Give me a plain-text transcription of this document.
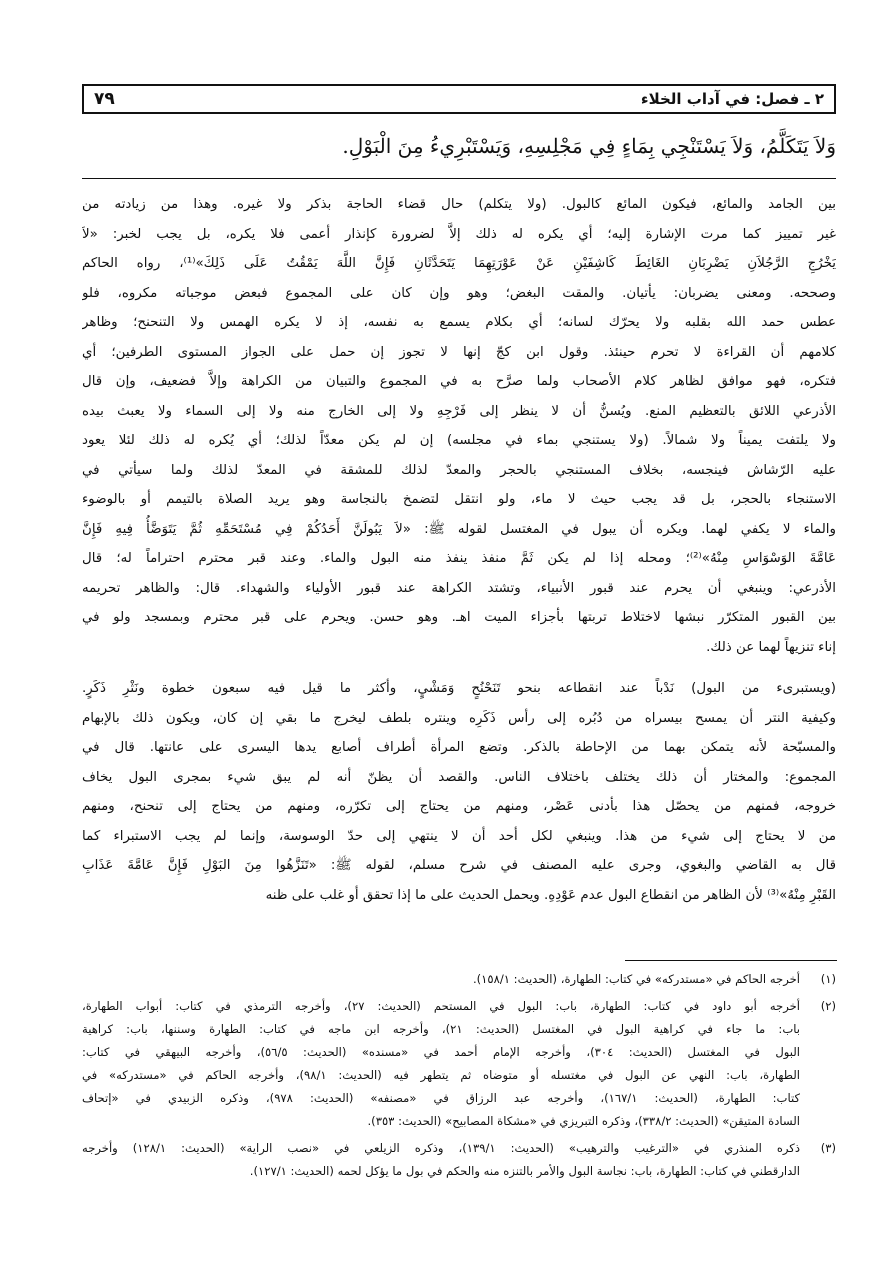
٢ ـ فصل: في آداب الخلاء
٧٩
وَلاَ يَتَكَلَّمُ، وَلاَ يَسْتَنْجِي بِمَاءٍ فِي مَجْلِسِهِ، وَيَسْتَبْرِيءُ مِنَ الْبَوْلِ.

بين الجامد والمائع، فيكون المائع كالبول. (ولا يتكلم) حال قضاء الحاجة بذكر ولا غيره. وهذا من زيادته من
غير تمييز كما مرت الإشارة إليه؛ أي يكره له ذلك إلاَّ لضرورة كإنذار أعمى فلا يكره، بل يجب لخبر: «لاَ
يَخْرُجِ الرَّجُلاَنِ يَضْرِبَانِ الغَائِطَ كَاشِفَيْنِ عَنْ عَوْرَتِهِمَا يَتَحَدَّثَانِ فَإِنَّ اللَّهَ يَمْقُتُ عَلَى ذَلِكَ»⁽¹⁾، رواه الحاكم
وصححه. ومعنى يضربان: يأتيان. والمقت البغض؛ وهو وإن كان على المجموع فبعض موجباته مكروه، فلو
عطس حمد الله بقلبه ولا يحرّك لسانه؛ أي بكلام يسمع به نفسه، إذ لا يكره الهمس ولا التنحنح؛ وظاهر
كلامهم أن القراءة لا تحرم حينئذ. وقول ابن كجّ إنها لا تجوز إن حمل على الجواز المستوى الطرفين؛ أي
فتكره، فهو موافق لظاهر كلام الأصحاب ولما صرَّح به في المجموع والتبيان من الكراهة وإلاَّ فضعيف، وإن قال
الأذرعي اللائق بالتعظيم المنع. ويُسنُّ أن لا ينظر إلى فَرْجِهِ ولا إلى الخارج منه ولا إلى السماء ولا يعبث بيده
ولا يلتفت يميناً ولا شمالاً. (ولا يستنجي بماء في مجلسه) إن لم يكن معدّاً لذلك؛ أي يُكره له ذلك لئلا يعود
عليه الرّشاش فينجسه، بخلاف المستنجي بالحجر والمعدّ لذلك للمشقة في المعدّ لذلك ولما سيأتي في
الاستنجاء بالحجر، بل قد يجب حيث لا ماء، ولو انتقل لتضمخ بالنجاسة وهو يريد الصلاة بالتيمم أو بالوضوء
والماء لا يكفي لهما. ويكره أن يبول في المغتسل لقوله ﷺ: «لاَ يَبُولَنَّ أَحَدُكُمْ فِي مُسْتَحَمِّهِ ثُمَّ يَتَوَضَّأُ فِيهِ فَإِنَّ
عَامَّةَ الوَسْوَاسِ مِنْهُ»⁽²⁾؛ ومحله إذا لم يكن ثَمَّ منفذ ينفذ منه البول والماء. وعند قبر محترم احتراماً له؛ قال
الأذرعي: وينبغي أن يحرم عند قبور الأنبياء، وتشتد الكراهة عند قبور الأولياء والشهداء. قال: والظاهر تحريمه
بين القبور المتكرّر نبشها لاختلاط تربتها بأجزاء الميت اهـ. وهو حسن. ويحرم على قبر محترم وبمسجد ولو في
إناء تنزيهاً لهما عن ذلك.

(ويستبرىء من البول) نَدْباً عند انقطاعه بنحو تَنَحْنُحٍ وَمَشْيٍ، وأكثر ما قيل فيه سبعون خطوة ونَثْرِ ذَكَرٍ.
وكيفية النتر أن يمسح بيسراه من دُبُره إلى رأس ذَكَرِه وينتره بلطف ليخرج ما بقي إن كان، ويكون ذلك بالإبهام
والمسبّحة لأنه يتمكن بهما من الإحاطة بالذكر. وتضع المرأة أطراف أصابع يدها اليسرى على عانتها. قال في
المجموع: والمختار أن ذلك يختلف باختلاف الناس. والقصد أن يظنّ أنه لم يبق شيء بمجرى البول يخاف
خروجه، فمنهم من يحصّل هذا بأدنى عَصْر، ومنهم من يحتاج إلى تكرّره، ومنهم من يحتاج إلى تنحنح، ومنهم
من لا يحتاج إلى شيء من هذا. وينبغي لكل أحد أن لا ينتهي إلى حدّ الوسوسة، وإنما لم يجب الاستبراء كما
قال به القاضي والبغوي، وجرى عليه المصنف في شرح مسلم، لقوله ﷺ: «تَنَزَّهُوا مِنَ البَوْلِ فَإِنَّ عَامَّةَ عَذَابِ
القَبْرِ مِنْهُ»⁽³⁾ لأن الظاهر من انقطاع البول عدم عَوْدِهِ. ويحمل الحديث على ما إذا تحقق أو غلب على ظنه

(١)
أخرجه الحاكم في «مستدركه» في كتاب: الطهارة، (الحديث: ١٥٨/١).
(٢)
أخرجه أبو داود في كتاب: الطهارة، باب: البول في المستحم (الحديث: ٢٧)، وأخرجه الترمذي في كتاب: أبواب الطهارة،
باب: ما جاء في كراهية البول في المغتسل (الحديث: ٢١)، وأخرجه ابن ماجه في كتاب: الطهارة وسننها، باب: كراهية
البول في المغتسل (الحديث: ٣٠٤)، وأخرجه الإمام أحمد في «مسنده» (الحديث: ٥٦/٥)، وأخرجه البيهقي في كتاب:
الطهارة، باب: النهي عن البول في مغتسله أو متوضاه ثم يتطهر فيه (الحديث: ٩٨/١)، وأخرجه الحاكم في «مستدركه» في
كتاب: الطهارة، (الحديث: ١٦٧/١)، وأخرجه عبد الرزاق في «مصنفه» (الحديث: ٩٧٨)، وذكره الزبيدي في «إتحاف
السادة المتيقن» (الحديث: ٣٣٨/٢)، وذكره التبريزي في «مشكاة المصابيح» (الحديث: ٣٥٣).
(٣)
ذكره المنذري في «الترغيب والترهيب» (الحديث: ١٣٩/١)، وذكره الزيلعي في «نصب الراية» (الحديث: ١٢٨/١) وأخرجه
الدارقطني في كتاب: الطهارة، باب: نجاسة البول والأمر بالتنزه منه والحكم في بول ما يؤكل لحمه (الحديث: ١٢٧/١).
